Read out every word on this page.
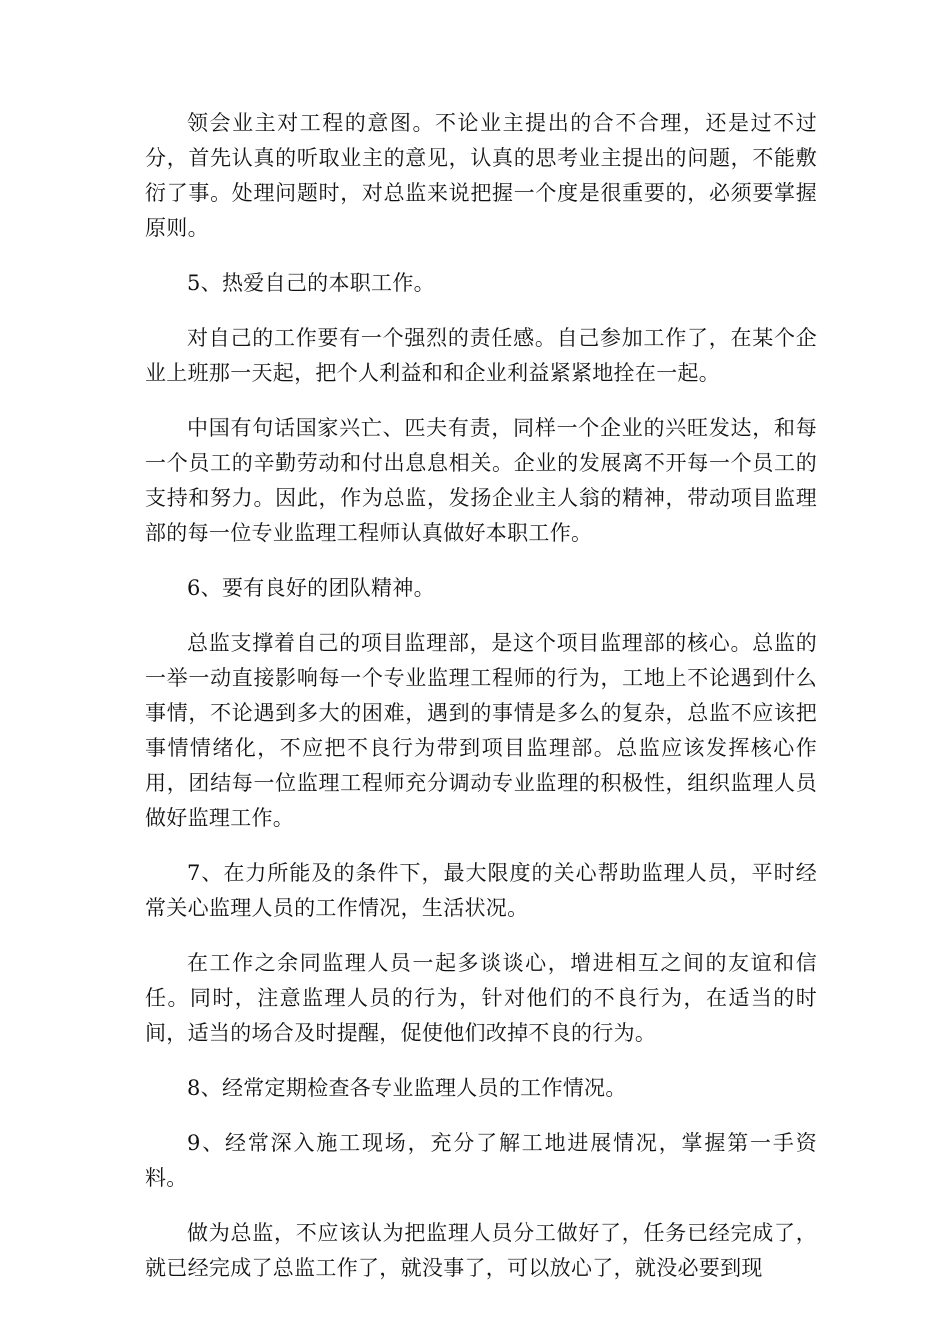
领会业主对工程的意图。不论业主提出的合不合理，还是过不过分，首先认真的听取业主的意见，认真的思考业主提出的问题，不能敷衍了事。处理问题时，对总监来说把握一个度是很重要的，必须要掌握原则。

5、热爱自己的本职工作。

对自己的工作要有一个强烈的责任感。自己参加工作了，在某个企业上班那一天起，把个人利益和和企业利益紧紧地拴在一起。

中国有句话国家兴亡、匹夫有责，同样一个企业的兴旺发达，和每一个员工的辛勤劳动和付出息息相关。企业的发展离不开每一个员工的支持和努力。因此，作为总监，发扬企业主人翁的精神，带动项目监理部的每一位专业监理工程师认真做好本职工作。

6、要有良好的团队精神。

总监支撑着自己的项目监理部，是这个项目监理部的核心。总监的一举一动直接影响每一个专业监理工程师的行为，工地上不论遇到什么事情，不论遇到多大的困难，遇到的事情是多么的复杂，总监不应该把事情情绪化，不应把不良行为带到项目监理部。总监应该发挥核心作用，团结每一位监理工程师充分调动专业监理的积极性，组织监理人员做好监理工作。

7、在力所能及的条件下，最大限度的关心帮助监理人员，平时经常关心监理人员的工作情况，生活状况。

在工作之余同监理人员一起多谈谈心，增进相互之间的友谊和信任。同时，注意监理人员的行为，针对他们的不良行为，在适当的时间，适当的场合及时提醒，促使他们改掉不良的行为。

8、经常定期检查各专业监理人员的工作情况。

9、经常深入施工现场，充分了解工地进展情况，掌握第一手资料。

做为总监，不应该认为把监理人员分工做好了，任务已经完成了，就已经完成了总监工作了，就没事了，可以放心了，就没必要到现
